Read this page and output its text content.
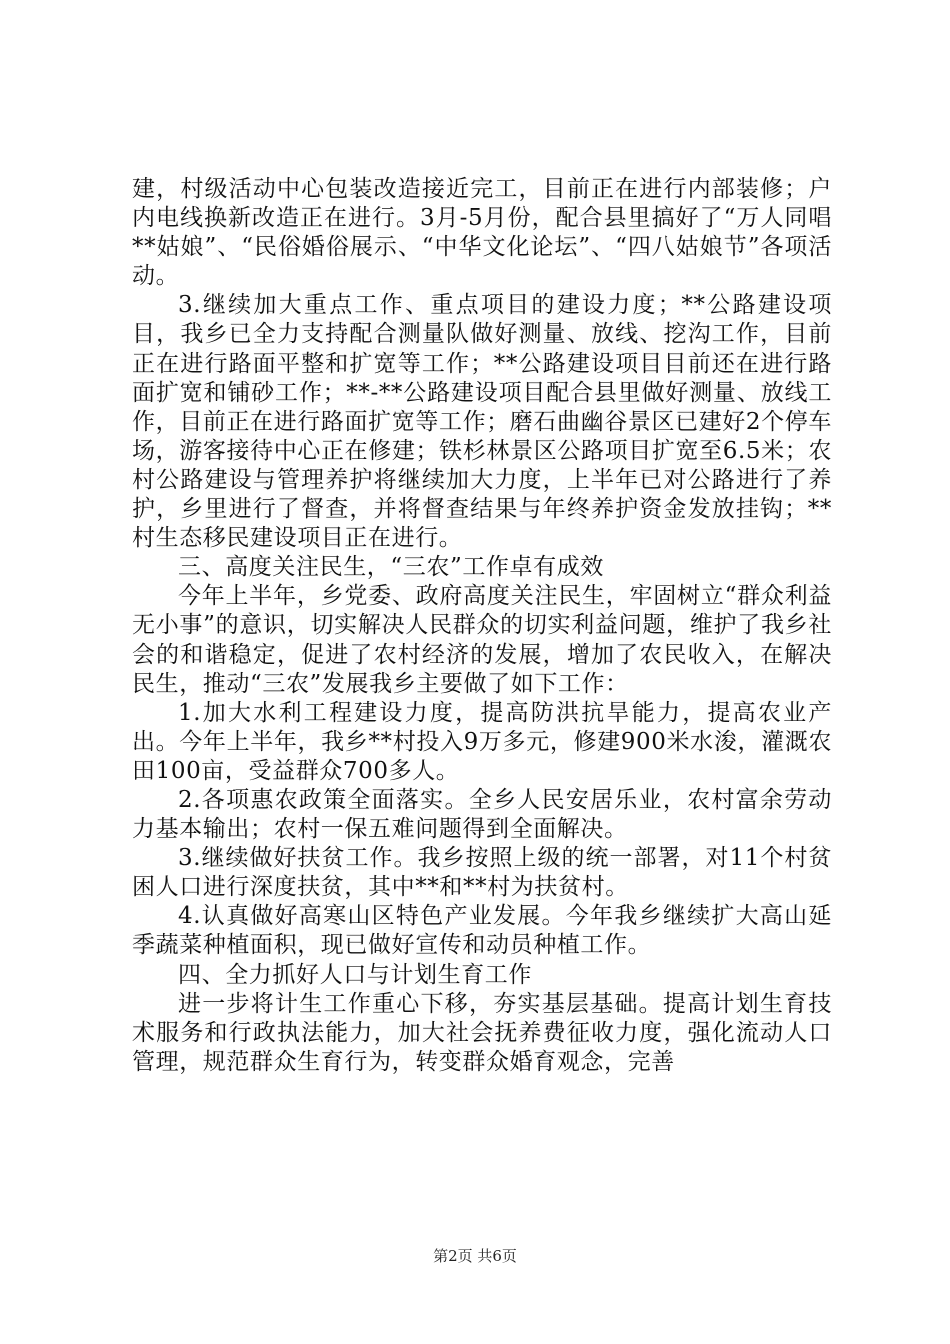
建，村级活动中心包装改造接近完工，目前正在进行内部装修；户内电线换新改造正在进行。3月-5月份，配合县里搞好了“万人同唱**姑娘”、“民俗婚俗展示、“中华文化论坛”、“四八姑娘节”各项活动。

3.继续加大重点工作、重点项目的建设力度；**公路建设项目，我乡已全力支持配合测量队做好测量、放线、挖沟工作，目前正在进行路面平整和扩宽等工作；**公路建设项目目前还在进行路面扩宽和铺砂工作；**-**公路建设项目配合县里做好测量、放线工作，目前正在进行路面扩宽等工作；磨石曲幽谷景区已建好2个停车场，游客接待中心正在修建；铁杉林景区公路项目扩宽至6.5米；农村公路建设与管理养护将继续加大力度，上半年已对公路进行了养护，乡里进行了督查，并将督查结果与年终养护资金发放挂钩；**村生态移民建设项目正在进行。

三、高度关注民生，“三农”工作卓有成效

今年上半年，乡党委、政府高度关注民生，牢固树立“群众利益无小事”的意识，切实解决人民群众的切实利益问题，维护了我乡社会的和谐稳定，促进了农村经济的发展，增加了农民收入，在解决民生，推动“三农”发展我乡主要做了如下工作：

1.加大水利工程建设力度，提高防洪抗旱能力，提高农业产出。今年上半年，我乡**村投入9万多元，修建900米水浚，灌溉农田100亩，受益群众700多人。

2.各项惠农政策全面落实。全乡人民安居乐业，农村富余劳动力基本输出；农村一保五难问题得到全面解决。

3.继续做好扶贫工作。我乡按照上级的统一部署，对11个村贫困人口进行深度扶贫，其中**和**村为扶贫村。

4.认真做好高寒山区特色产业发展。今年我乡继续扩大高山延季蔬菜种植面积，现已做好宣传和动员种植工作。

四、全力抓好人口与计划生育工作

进一步将计生工作重心下移，夯实基层基础。提高计划生育技术服务和行政执法能力，加大社会抚养费征收力度，强化流动人口管理，规范群众生育行为，转变群众婚育观念，完善

第2页 共6页
